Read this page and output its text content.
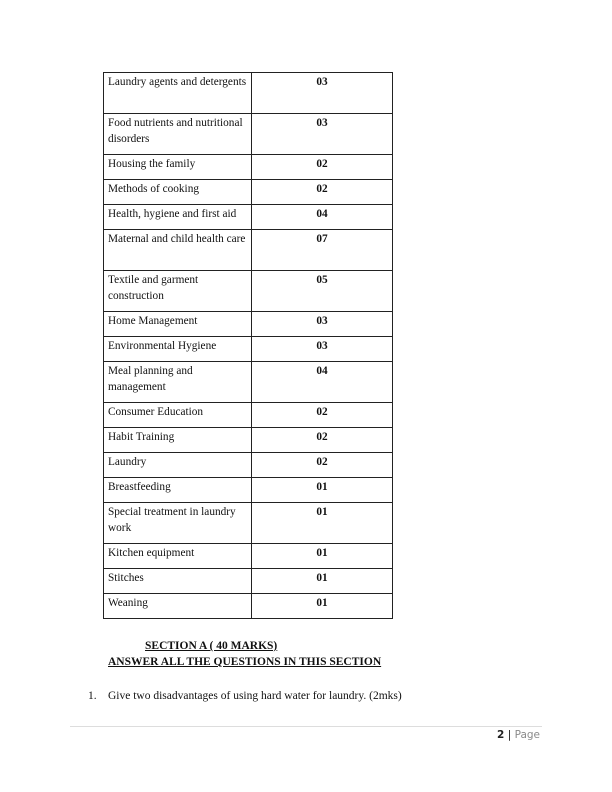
Laundry agents and detergents	03
Food nutrients and nutritional disorders	03
Housing the family	02
Methods of cooking	02
Health, hygiene and first aid	04
Maternal and child health care	07
Textile and garment construction	05
Home Management	03
Environmental Hygiene	03
Meal planning and management	04
Consumer Education	02
Habit Training	02
Laundry	02
Breastfeeding	01
Special treatment in laundry work	01
Kitchen equipment	01
Stitches	01
Weaning	01
SECTION A ( 40 MARKS)
ANSWER ALL THE QUESTIONS IN THIS SECTION
1. Give two disadvantages of using hard water for laundry. (2mks)
2 | Page
